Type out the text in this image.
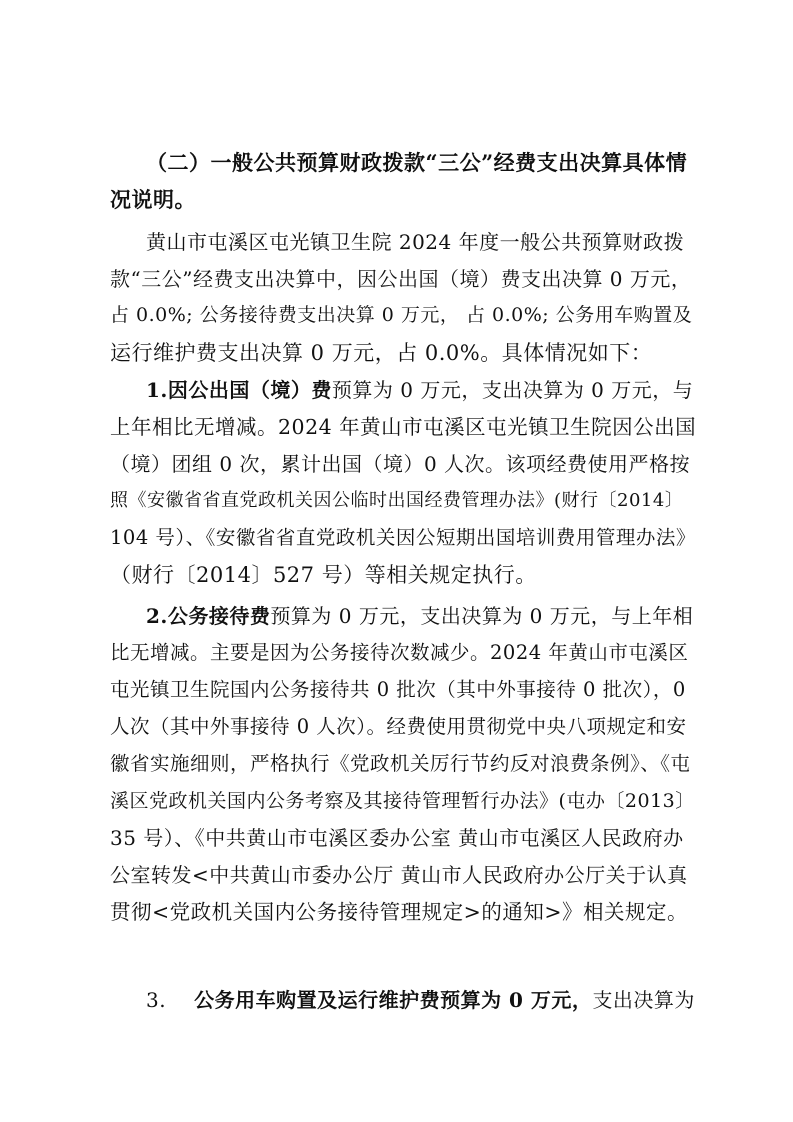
（二）一般公共预算财政拨款“三公”经费支出决算具体情
况说明。
黄山市屯溪区屯光镇卫生院 2024 年度一般公共预算财政拨
款“三公”经费支出决算中，因公出国（境）费支出决算 0 万元，
占 0.0%; 公务接待费支出决算 0 万元， 占 0.0%; 公务用车购置及
运行维护费支出决算 0 万元，占 0.0%。具体情况如下：
1.因公出国（境）费预算为 0 万元，支出决算为 0 万元，与
上年相比无增减。2024 年黄山市屯溪区屯光镇卫生院因公出国
（境）团组 0 次，累计出国（境）0 人次。该项经费使用严格按
照《安徽省省直党政机关因公临时出国经费管理办法》(财行〔2014〕
104 号）、《安徽省省直党政机关因公短期出国培训费用管理办法》
（财行〔2014〕527 号）等相关规定执行。
2.公务接待费预算为 0 万元，支出决算为 0 万元，与上年相
比无增减。主要是因为公务接待次数减少。2024 年黄山市屯溪区
屯光镇卫生院国内公务接待共 0 批次（其中外事接待 0 批次），0
人次（其中外事接待 0 人次）。经费使用贯彻党中央八项规定和安
徽省实施细则，严格执行《党政机关厉行节约反对浪费条例》、《屯
溪区党政机关国内公务考察及其接待管理暂行办法》(屯办〔2013〕
35 号）、《中共黄山市屯溪区委办公室 黄山市屯溪区人民政府办
公室转发<中共黄山市委办公厅 黄山市人民政府办公厅关于认真
贯彻<党政机关国内公务接待管理规定>的通知>》相关规定。
3. 公务用车购置及运行维护费预算为 0 万元，支出决算为
